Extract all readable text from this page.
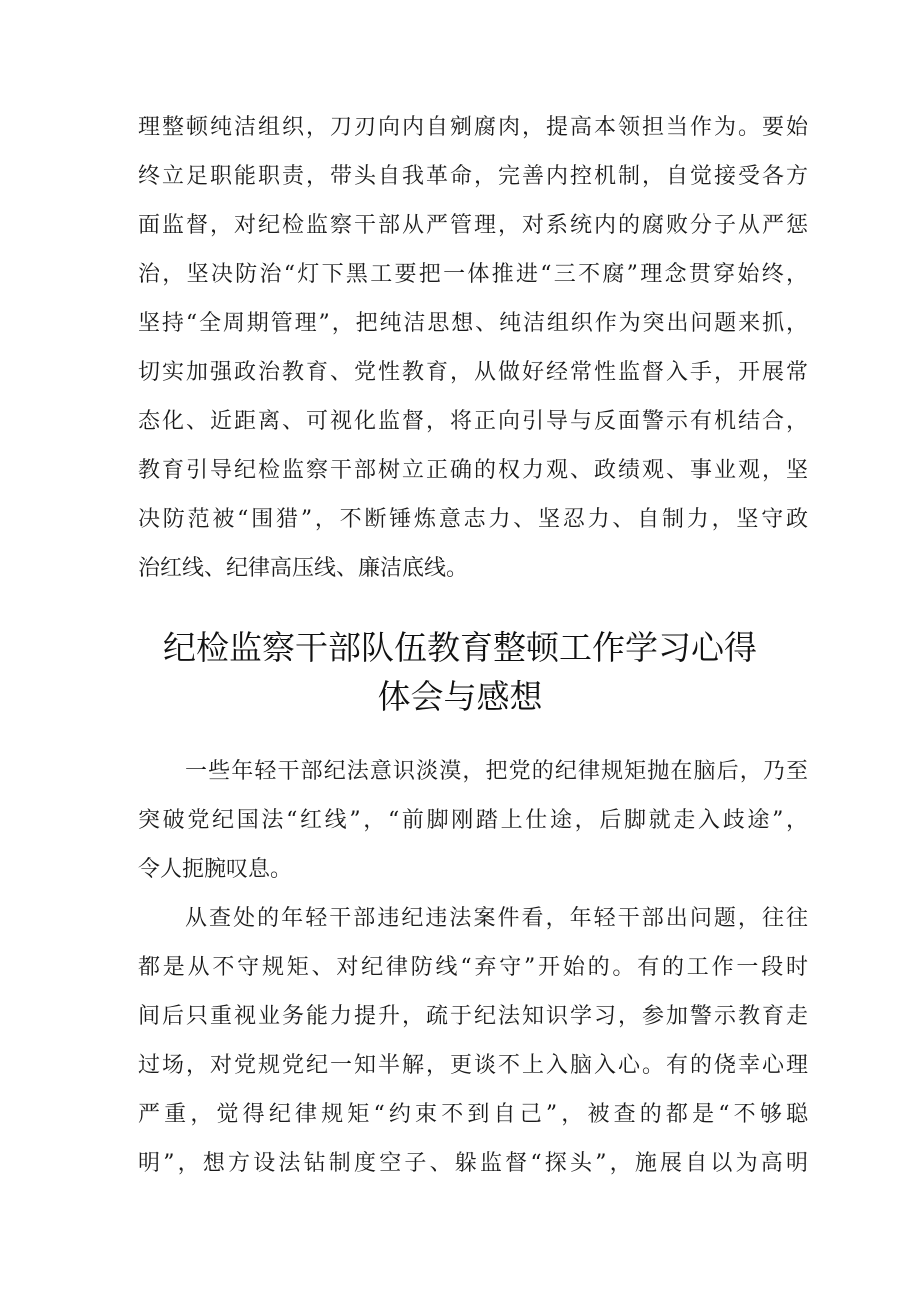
理整顿纯洁组织，刀刃向内自剜腐肉，提高本领担当作为。要始
终立足职能职责，带头自我革命，完善内控机制，自觉接受各方
面监督，对纪检监察干部从严管理，对系统内的腐败分子从严惩
治，坚决防治“灯下黑工要把一体推进“三不腐”理念贯穿始终，
坚持“全周期管理”，把纯洁思想、纯洁组织作为突出问题来抓，
切实加强政治教育、党性教育，从做好经常性监督入手，开展常
态化、近距离、可视化监督，将正向引导与反面警示有机结合，
教育引导纪检监察干部树立正确的权力观、政绩观、事业观，坚
决防范被“围猎”，不断锤炼意志力、坚忍力、自制力，坚守政
治红线、纪律高压线、廉洁底线。
纪检监察干部队伍教育整顿工作学习心得
体会与感想
一些年轻干部纪法意识淡漠，把党的纪律规矩抛在脑后，乃至
突破党纪国法“红线”，“前脚刚踏上仕途，后脚就走入歧途”，
令人扼腕叹息。
从查处的年轻干部违纪违法案件看，年轻干部出问题，往往
都是从不守规矩、对纪律防线“弃守”开始的。有的工作一段时
间后只重视业务能力提升，疏于纪法知识学习，参加警示教育走
过场，对党规党纪一知半解，更谈不上入脑入心。有的侥幸心理
严重，觉得纪律规矩“约束不到自己”，被查的都是“不够聪
明”，想方设法钻制度空子、躲监督“探头”，施展自以为高明
